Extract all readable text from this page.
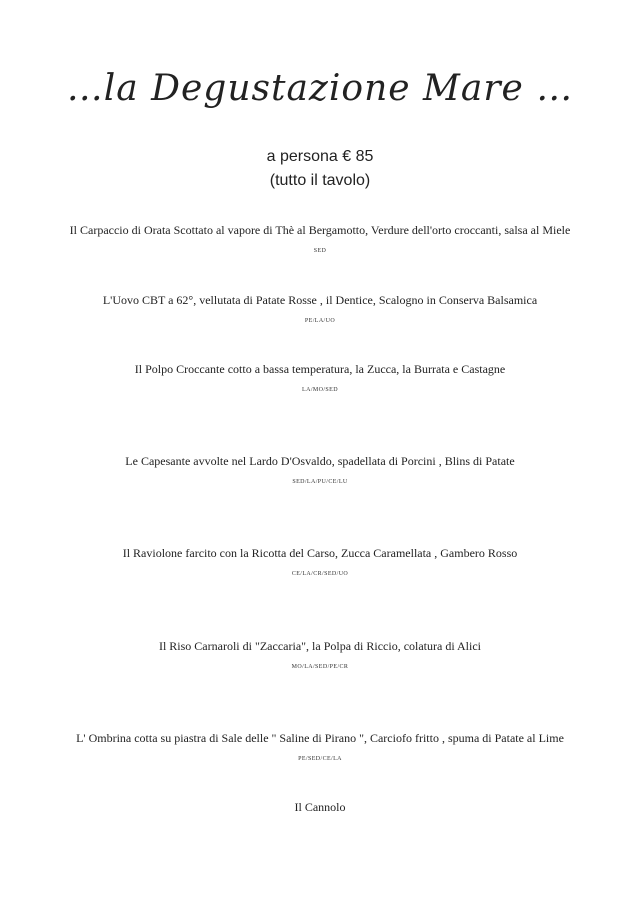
…la Degustazione Mare …
a persona € 85
(tutto il tavolo)
Il Carpaccio di Orata Scottato al vapore di Thè al Bergamotto, Verdure dell'orto croccanti, salsa al Miele
SED
L'Uovo CBT a 62°, vellutata di Patate Rosse , il Dentice, Scalogno in Conserva Balsamica
PE/LA/UO
Il Polpo Croccante cotto a bassa temperatura, la Zucca, la Burrata e Castagne
LA/MO/SED
Le Capesante avvolte nel Lardo D'Osvaldo, spadellata di Porcini , Blins di Patate
SED/LA/PU/CE/LU
Il Raviolone farcito con la Ricotta del Carso, Zucca Caramellata , Gambero Rosso
CE/LA/CR/SED/UO
Il Riso Carnaroli di "Zaccaria", la Polpa di Riccio, colatura di Alici
MO/LA/SED/PE/CR
L' Ombrina cotta su piastra di Sale delle " Saline di Pirano ", Carciofo fritto , spuma di Patate al Lime
PE/SED/CE/LA
Il Cannolo
